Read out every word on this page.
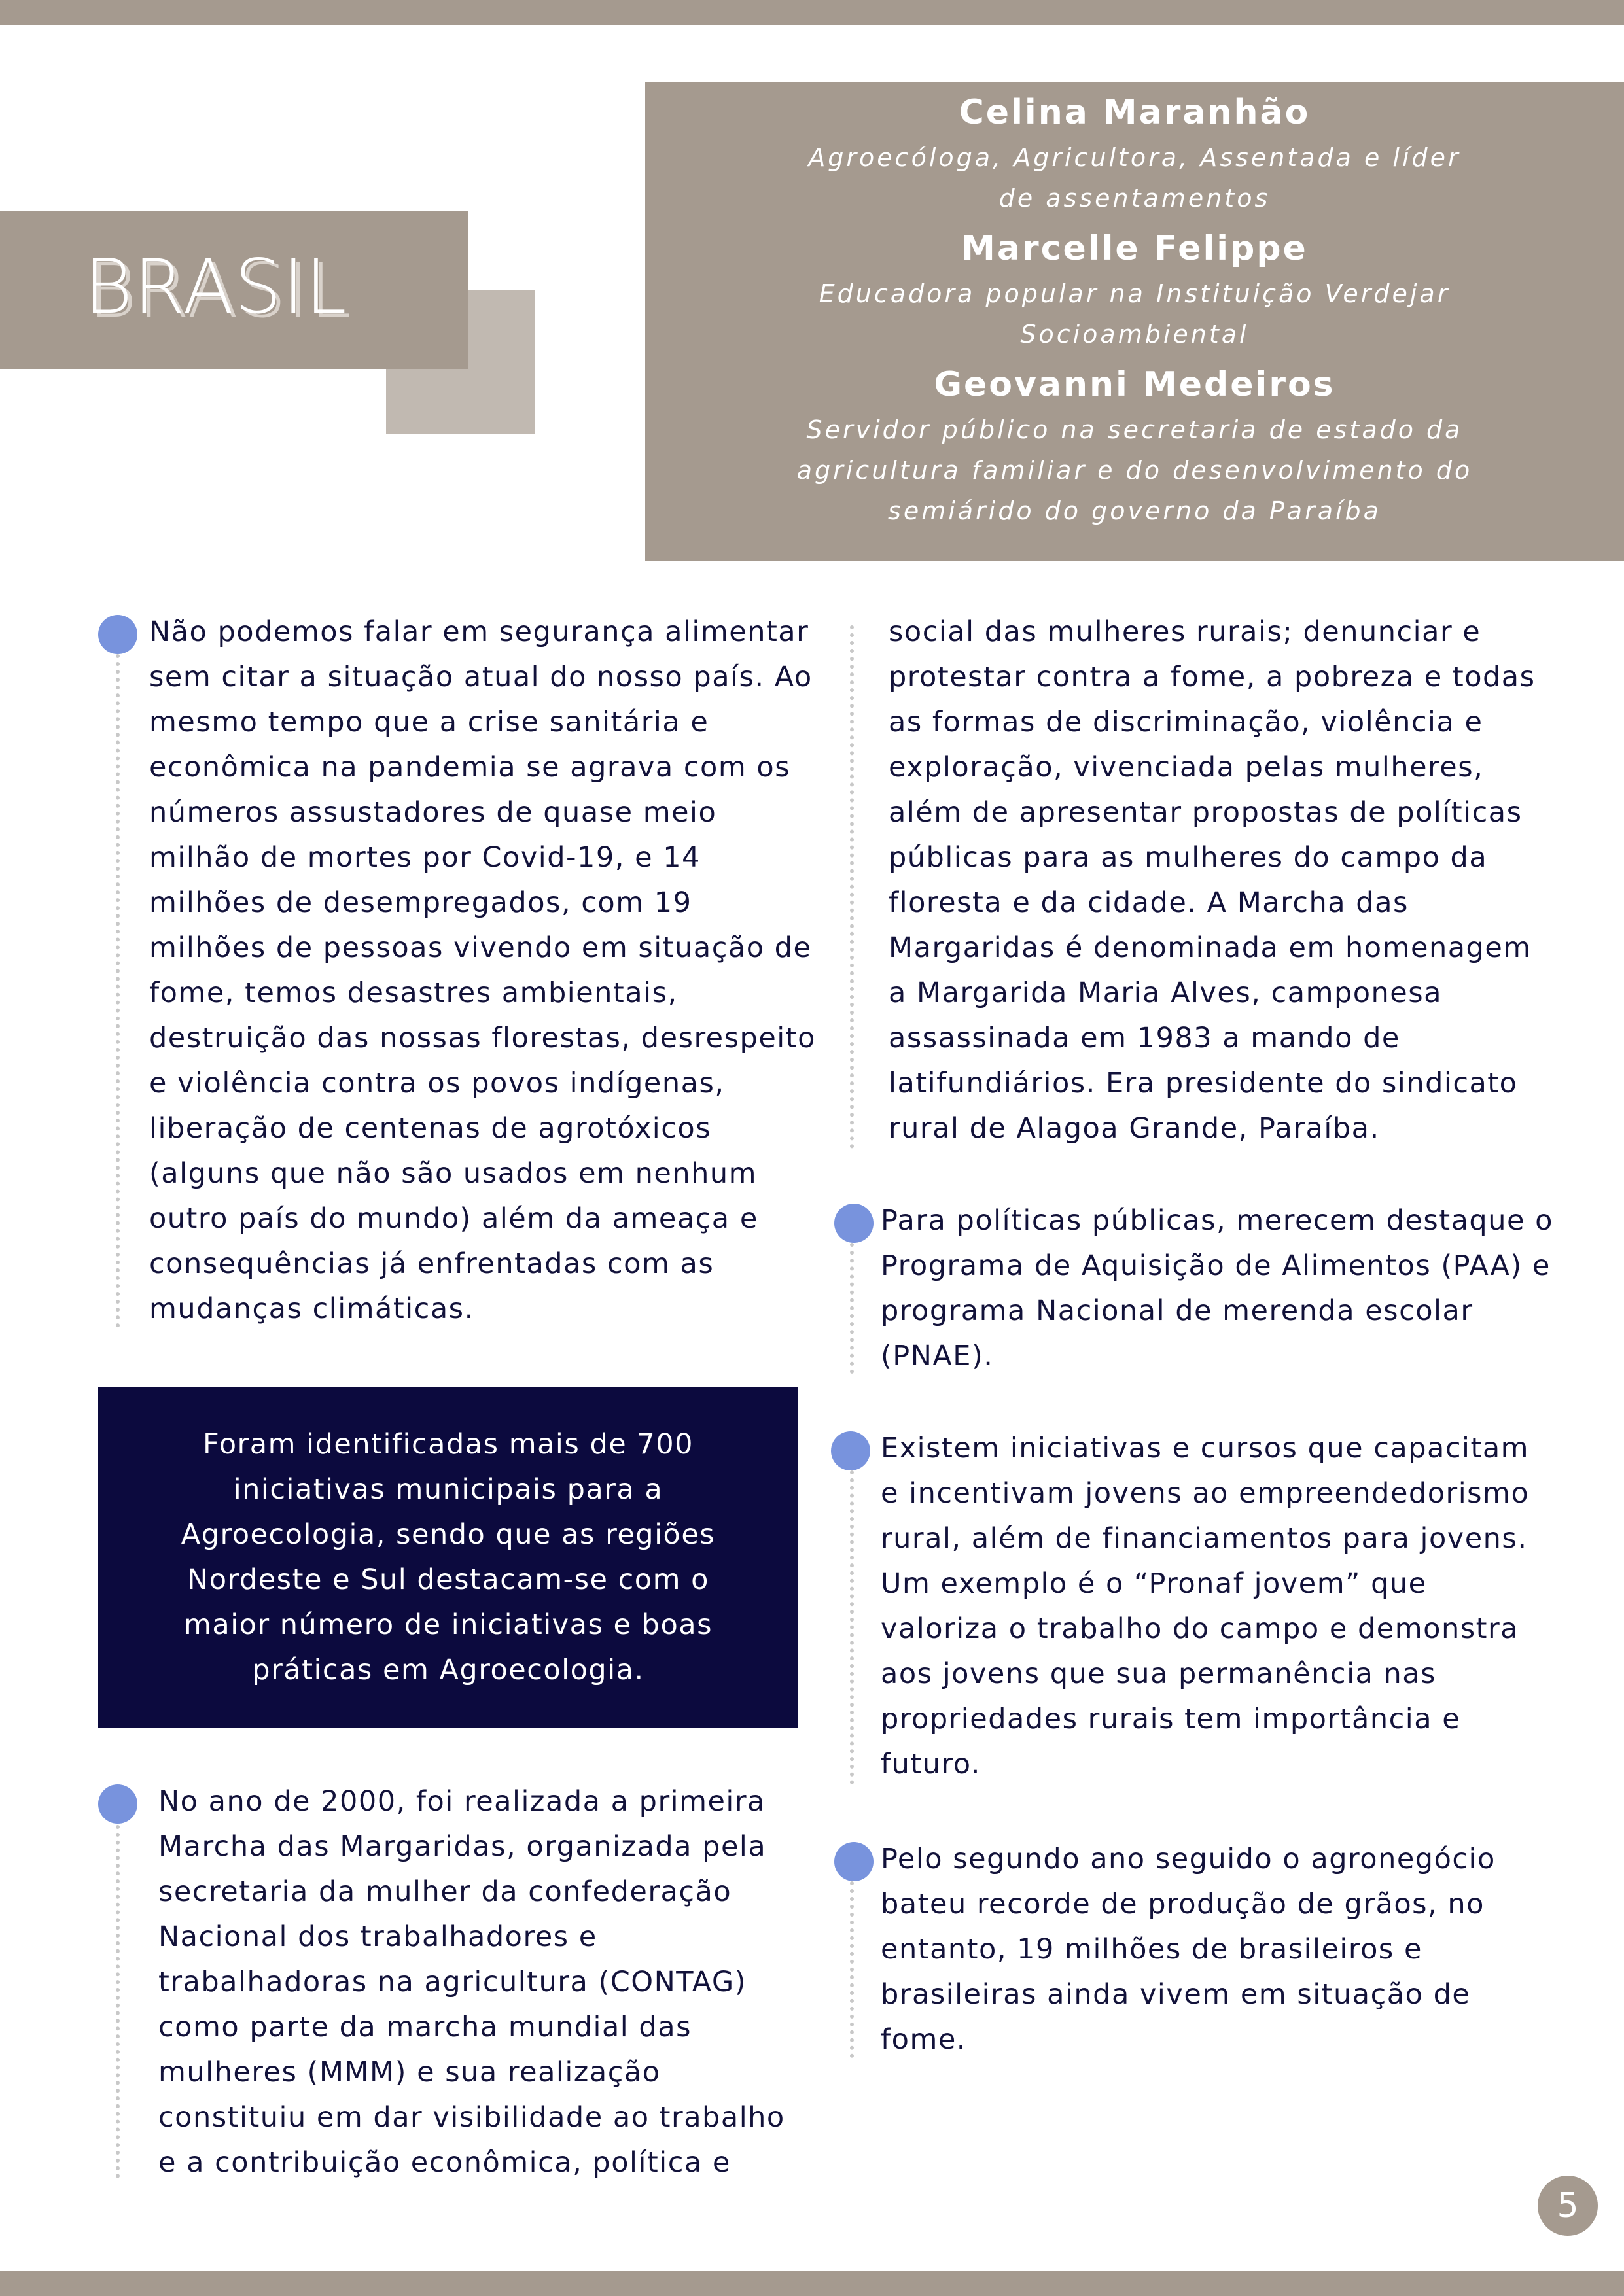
BRASIL

Celina Maranhão

Agroecóloga, Agricultora, Assentada e líder de assentamentos

Marcelle Felippe

Educadora popular na Instituição Verdejar Socioambiental

Geovanni Medeiros

Servidor público na secretaria de estado da agricultura familiar e do desenvolvimento do semiárido do governo da Paraíba

Não podemos falar em segurança alimentar sem citar a situação atual do nosso país. Ao mesmo tempo que a crise sanitária e econômica na pandemia se agrava com os números assustadores de quase meio milhão de mortes por Covid-19, e 14 milhões de desempregados, com 19 milhões de pessoas vivendo em situação de fome, temos desastres ambientais, destruição das nossas florestas, desrespeito e violência contra os povos indígenas, liberação de centenas de agrotóxicos (alguns que não são usados em nenhum outro país do mundo) além da ameaça e consequências já enfrentadas com as mudanças climáticas.

Foram identificadas mais de 700 iniciativas municipais para a Agroecologia, sendo que as regiões Nordeste e Sul destacam-se com o maior número de iniciativas e boas práticas em Agroecologia.

No ano de 2000, foi realizada a primeira Marcha das Margaridas, organizada pela secretaria da mulher da confederação Nacional dos trabalhadores e trabalhadoras na agricultura (CONTAG) como parte da marcha mundial das mulheres (MMM) e sua realização constituiu em dar visibilidade ao trabalho e a contribuição econômica, política e

social das mulheres rurais; denunciar e protestar contra a fome, a pobreza e todas as formas de discriminação, violência e exploração, vivenciada pelas mulheres, além de apresentar propostas de políticas públicas para as mulheres do campo da floresta e da cidade. A Marcha das Margaridas é denominada em homenagem a Margarida Maria Alves, camponesa assassinada em 1983 a mando de latifundiários. Era presidente do sindicato rural de Alagoa Grande, Paraíba.

Para políticas públicas, merecem destaque o Programa de Aquisição de Alimentos (PAA) e programa Nacional de merenda escolar (PNAE).

Existem iniciativas e cursos que capacitam e incentivam jovens ao empreendedorismo rural, além de financiamentos para jovens. Um exemplo é o “Pronaf jovem” que valoriza o trabalho do campo e demonstra aos jovens que sua permanência nas propriedades rurais tem importância e futuro.

Pelo segundo ano seguido o agronegócio bateu recorde de produção de grãos, no entanto, 19 milhões de brasileiros e brasileiras ainda vivem em situação de fome.

5
